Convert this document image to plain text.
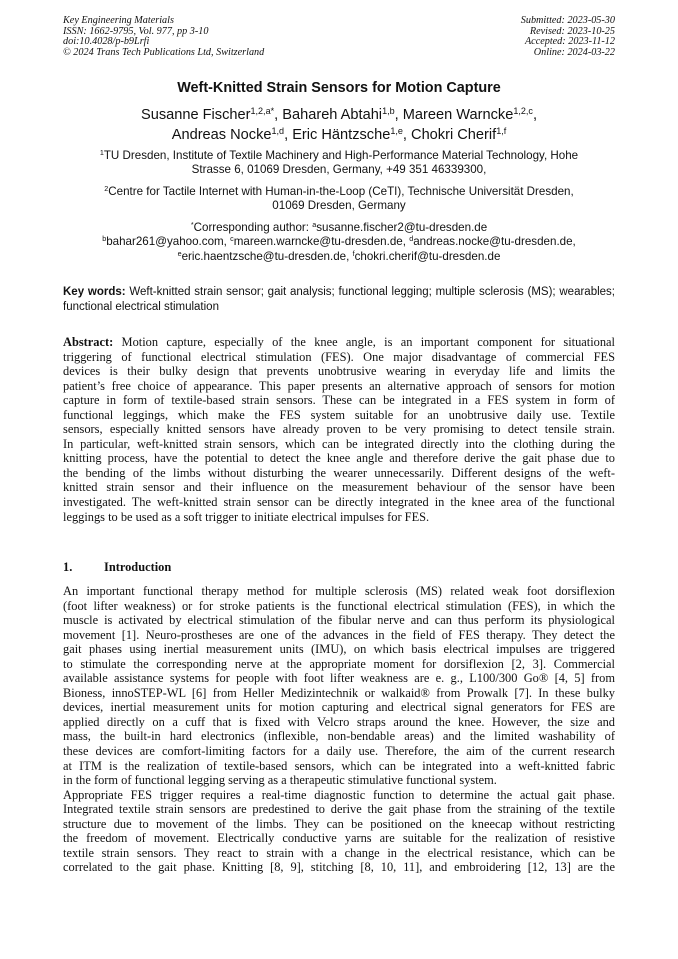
Key Engineering Materials
ISSN: 1662-9795, Vol. 977, pp 3-10
doi:10.4028/p-b9Lrfi
© 2024 Trans Tech Publications Ltd, Switzerland
Submitted: 2023-05-30
Revised: 2023-10-25
Accepted: 2023-11-12
Online: 2024-03-22
Weft-Knitted Strain Sensors for Motion Capture
Susanne Fischer$^{1,2,a*}$, Bahareh Abtahi$^{1,b}$, Mareen Warncke$^{1,2,c}$,
Andreas Nocke$^{1,d}$, Eric Häntzsche$^{1,e}$, Chokri Cherif$^{1,f}$
$^1$TU Dresden, Institute of Textile Machinery and High-Performance Material Technology, Hohe
Strasse 6, 01069 Dresden, Germany, +49 351 46339300,
$^2$Centre for Tactile Internet with Human-in-the-Loop (CeTI), Technische Universität Dresden,
01069 Dresden, Germany
*Corresponding author: $^a$susanne.fischer2@tu-dresden.de
$^b$bahar261@yahoo.com, $^c$mareen.warncke@tu-dresden.de, $^d$andreas.nocke@tu-dresden.de,
$^e$eric.haentzsche@tu-dresden.de, $^f$chokri.cherif@tu-dresden.de
Key words: Weft-knitted strain sensor; gait analysis; functional legging; multiple sclerosis (MS); wearables; functional electrical stimulation
Abstract: Motion capture, especially of the knee angle, is an important component for situational
triggering of functional electrical stimulation (FES). One major disadvantage of commercial FES
devices is their bulky design that prevents unobtrusive wearing in everyday life and limits the
patient’s free choice of appearance. This paper presents an alternative approach of sensors for motion
capture in form of textile-based strain sensors. These can be integrated in a FES system in form of
functional leggings, which make the FES system suitable for an unobtrusive daily use. Textile
sensors, especially knitted sensors have already proven to be very promising to detect tensile strain.
In particular, weft-knitted strain sensors, which can be integrated directly into the clothing during the
knitting process, have the potential to detect the knee angle and therefore derive the gait phase due to
the bending of the limbs without disturbing the wearer unnecessarily. Different designs of the weft-
knitted strain sensor and their influence on the measurement behaviour of the sensor have been
investigated. The weft-knitted strain sensor can be directly integrated in the knee area of the functional
leggings to be used as a soft trigger to initiate electrical impulses for FES.
1.	Introduction
An important functional therapy method for multiple sclerosis (MS) related weak foot dorsiflexion
(foot lifter weakness) or for stroke patients is the functional electrical stimulation (FES), in which the
muscle is activated by electrical stimulation of the fibular nerve and can thus perform its physiological
movement [1]. Neuro-prostheses are one of the advances in the field of FES therapy. They detect the
gait phases using inertial measurement units (IMU), on which basis electrical impulses are triggered
to stimulate the corresponding nerve at the appropriate moment for dorsiflexion [2, 3]. Commercial
available assistance systems for people with foot lifter weakness are e. g., L100/300 Go® [4, 5] from
Bioness, innoSTEP-WL [6] from Heller Medizintechnik or walkaid® from Prowalk [7]. In these bulky
devices, inertial measurement units for motion capturing and electrical signal generators for FES are
applied directly on a cuff that is fixed with Velcro straps around the knee. However, the size and
mass, the built-in hard electronics (inflexible, non-bendable areas) and the limited washability of
these devices are comfort-limiting factors for a daily use. Therefore, the aim of the current research
at ITM is the realization of textile-based sensors, which can be integrated into a weft-knitted fabric
in the form of functional legging serving as a therapeutic stimulative functional system.
Appropriate FES trigger requires a real-time diagnostic function to determine the actual gait phase.
Integrated textile strain sensors are predestined to derive the gait phase from the straining of the textile
structure due to movement of the limbs. They can be positioned on the kneecap without restricting
the freedom of movement. Electrically conductive yarns are suitable for the realization of resistive
textile strain sensors. They react to strain with a change in the electrical resistance, which can be
correlated to the gait phase. Knitting [8, 9], stitching [8, 10, 11], and embroidering [12, 13] are the
